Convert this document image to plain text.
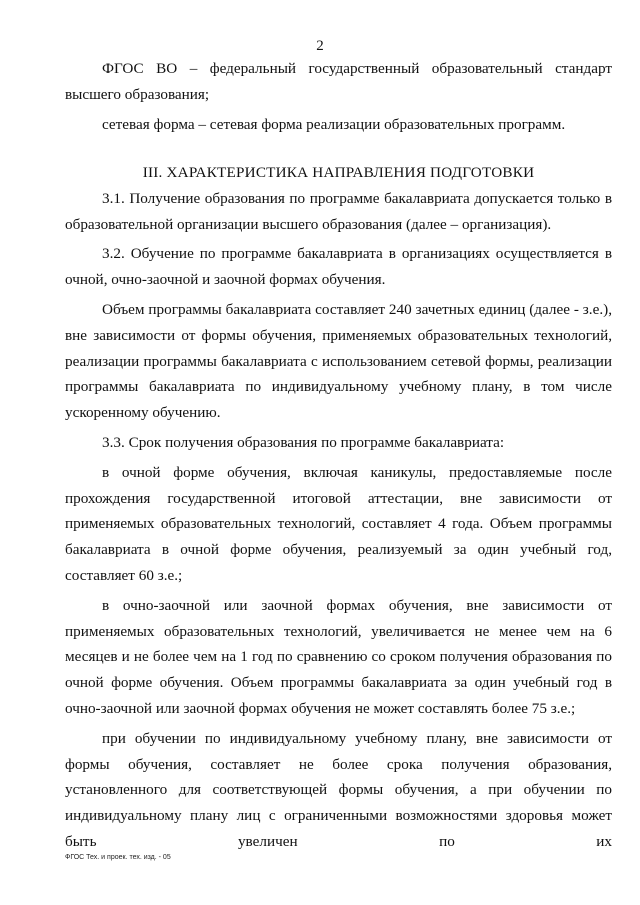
2

ФГОС ВО – федеральный государственный образовательный стандарт высшего образования;

сетевая форма – сетевая форма реализации образовательных программ.

III. ХАРАКТЕРИСТИКА НАПРАВЛЕНИЯ ПОДГОТОВКИ

3.1. Получение образования по программе бакалавриата допускается только в образовательной организации высшего образования (далее – организация).

3.2. Обучение по программе бакалавриата в организациях осуществляется в очной, очно-заочной и заочной формах обучения.

Объем программы бакалавриата составляет 240 зачетных единиц (далее - з.е.), вне зависимости от формы обучения, применяемых образовательных технологий, реализации программы бакалавриата с использованием сетевой формы, реализации программы бакалавриата по индивидуальному учебному плану, в том числе ускоренному обучению.

3.3. Срок получения образования по программе бакалавриата:

в очной форме обучения, включая каникулы, предоставляемые после прохождения государственной итоговой аттестации, вне зависимости от применяемых образовательных технологий, составляет 4 года. Объем программы бакалавриата в очной форме обучения, реализуемый за один учебный год, составляет 60 з.е.;

в очно-заочной или заочной формах обучения, вне зависимости от применяемых образовательных технологий, увеличивается не менее чем на 6 месяцев и не более чем на 1 год по сравнению со сроком получения образования по очной форме обучения. Объем программы бакалавриата за один учебный год в очно-заочной или заочной формах обучения не может составлять более 75 з.е.;

при обучении по индивидуальному учебному плану, вне зависимости от формы обучения, составляет не более срока получения образования, установленного для соответствующей формы обучения, а при обучении по индивидуальному плану лиц с ограниченными возможностями здоровья может быть увеличен по их

ФГОС Тех. и проек. тех. изд. - 05
